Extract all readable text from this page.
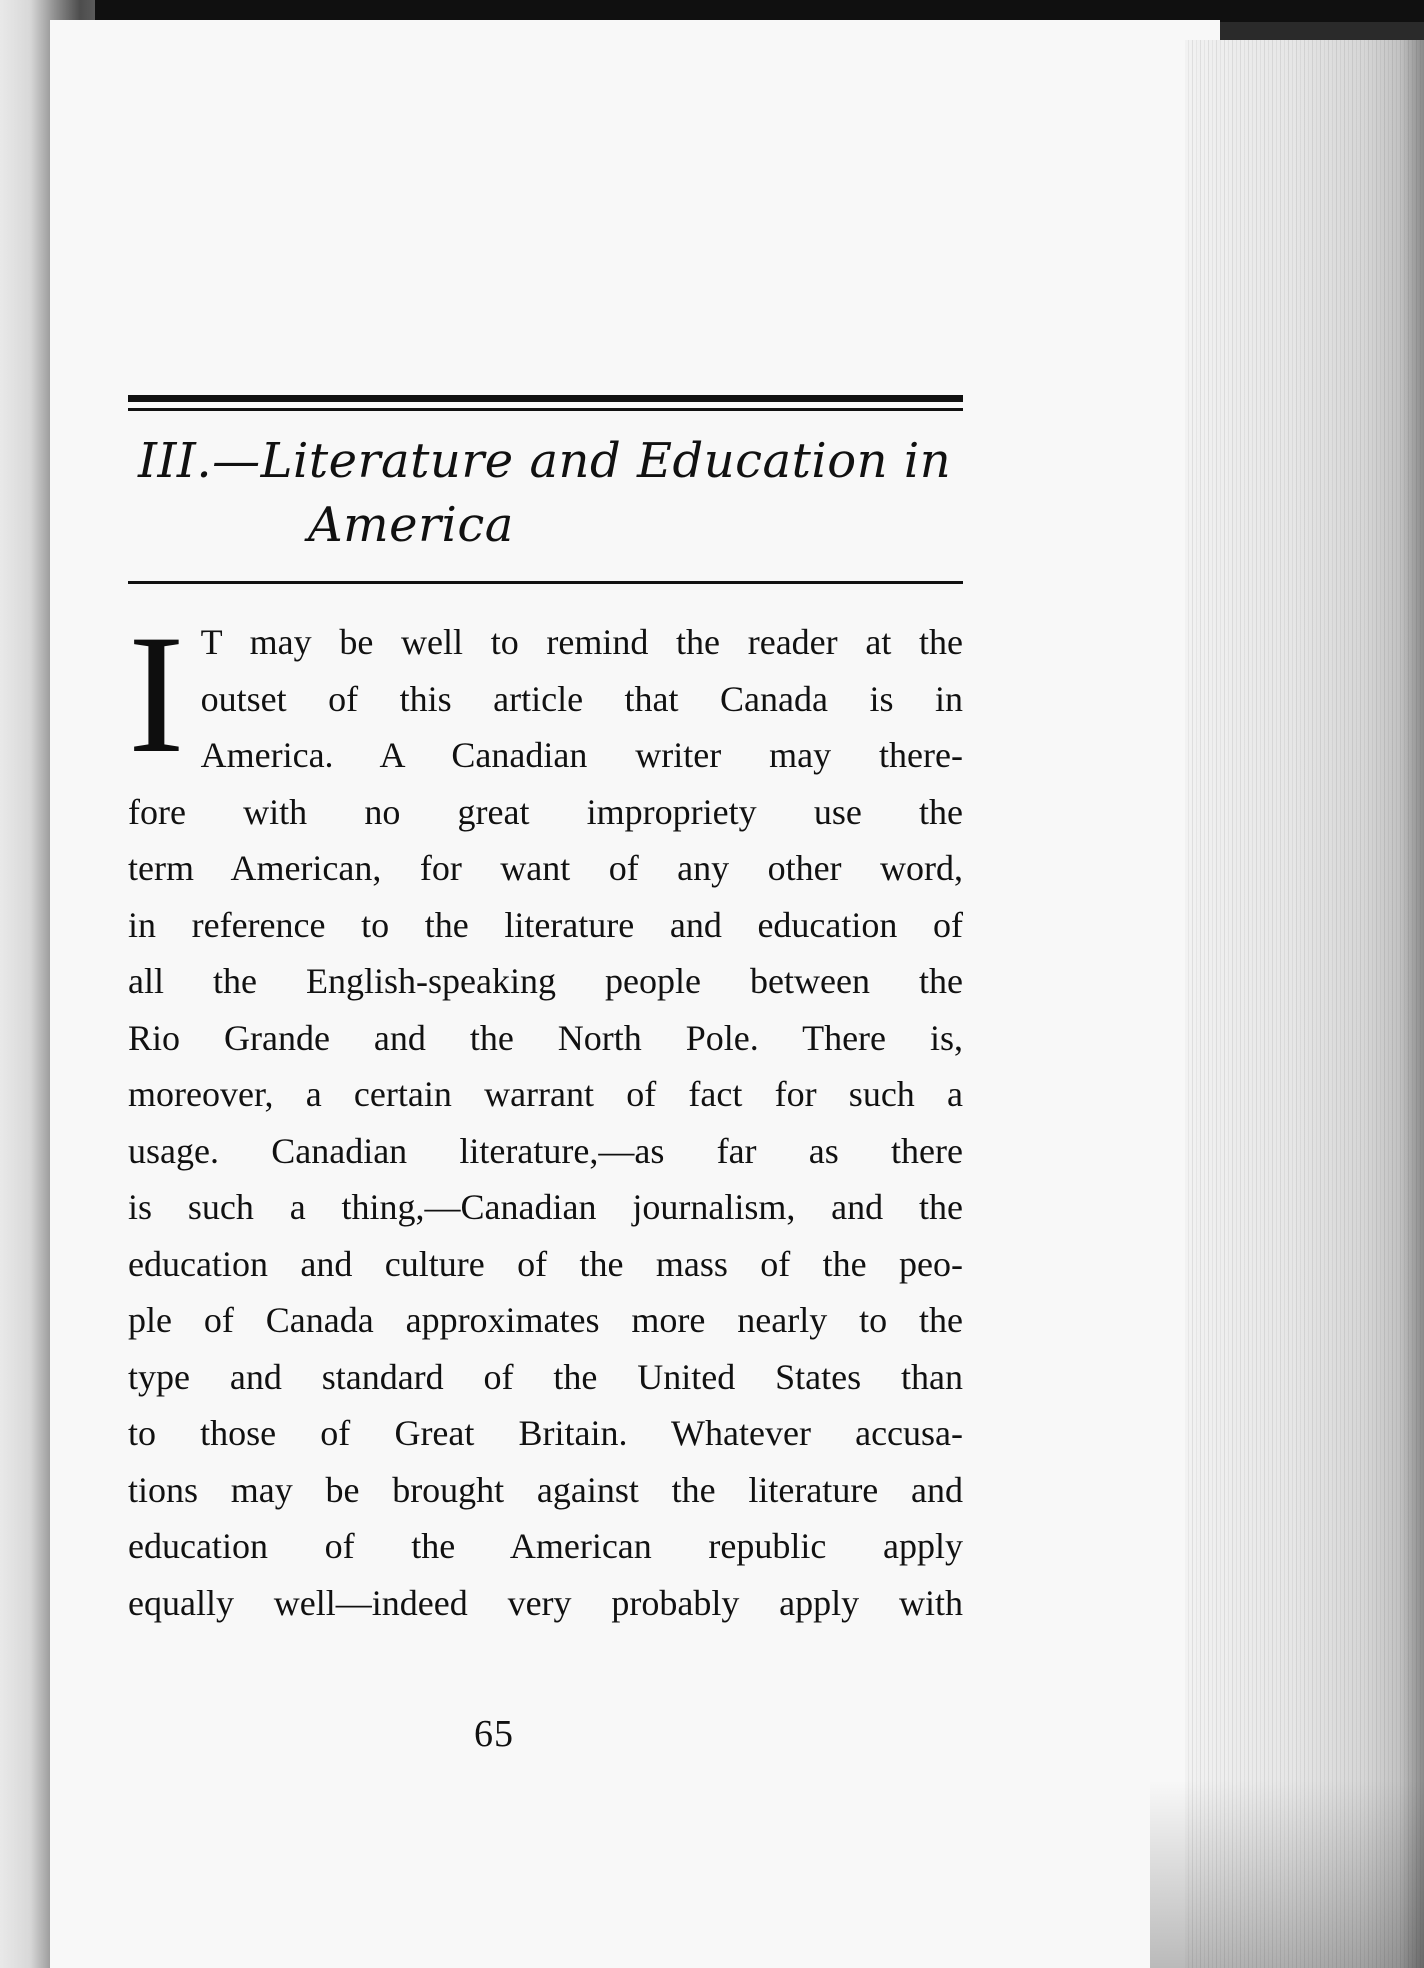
III.—Literature and Education in
America
I T may be well to remind the reader at the
outset of this article that Canada is in
America. A Canadian writer may there-
fore with no great impropriety use the
term American, for want of any other word,
in reference to the literature and education of
all the English-speaking people between the
Rio Grande and the North Pole. There is,
moreover, a certain warrant of fact for such a
usage. Canadian literature,—as far as there
is such a thing,—Canadian journalism, and the
education and culture of the mass of the peo-
ple of Canada approximates more nearly to the
type and standard of the United States than
to those of Great Britain. Whatever accusa-
tions may be brought against the literature and
education of the American republic apply
equally well—indeed very probably apply with
65
